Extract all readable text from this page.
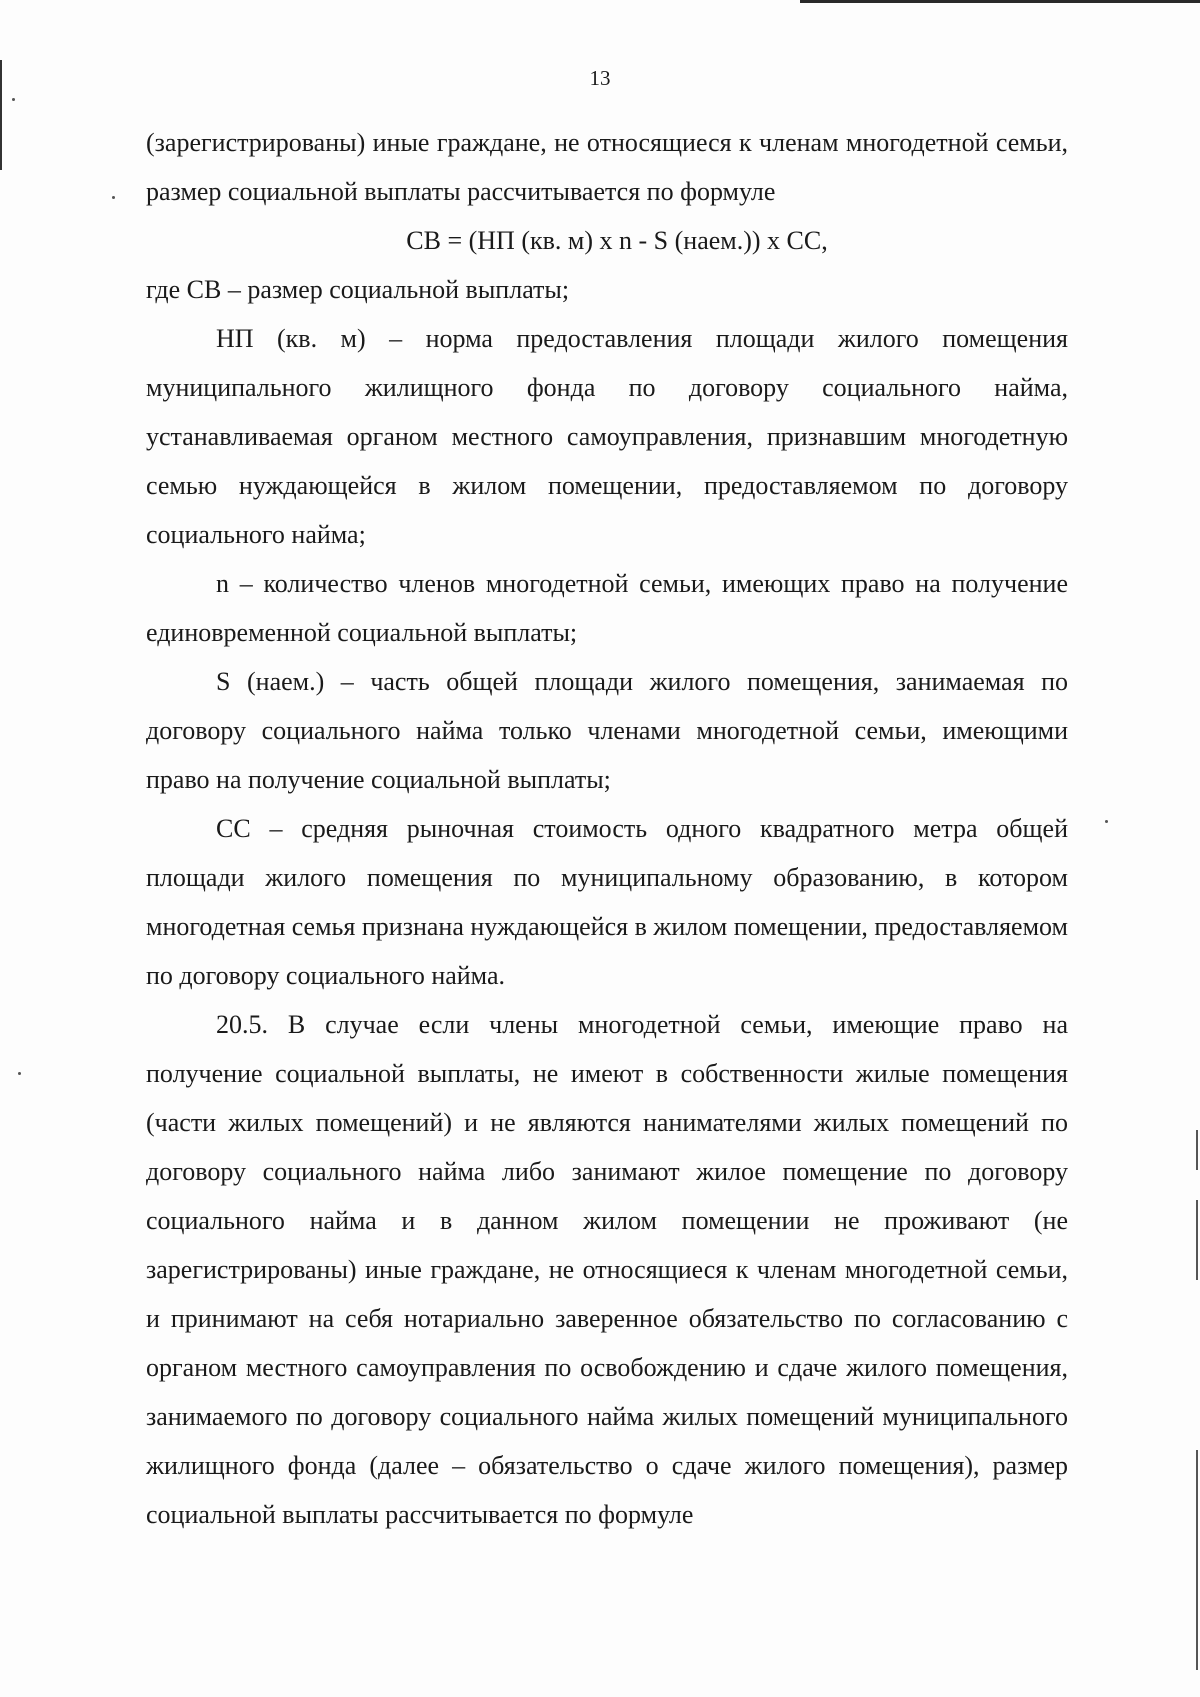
13

(зарегистрированы) иные граждане, не относящиеся к членам многодетной семьи, размер социальной выплаты рассчитывается по формуле

СВ = (НП (кв. м) x n - S (наем.)) x СС,

где СВ – размер социальной выплаты;

НП (кв. м) – норма предоставления площади жилого помещения муниципального жилищного фонда по договору социального найма, устанавливаемая органом местного самоуправления, признавшим многодетную семью нуждающейся в жилом помещении, предоставляемом по договору социального найма;

n – количество членов многодетной семьи, имеющих право на получение единовременной социальной выплаты;

S (наем.) – часть общей площади жилого помещения, занимаемая по договору социального найма только членами многодетной семьи, имеющими право на получение социальной выплаты;

СС – средняя рыночная стоимость одного квадратного метра общей площади жилого помещения по муниципальному образованию, в котором многодетная семья признана нуждающейся в жилом помещении, предоставляемом по договору социального найма.

20.5. В случае если члены многодетной семьи, имеющие право на получение социальной выплаты, не имеют в собственности жилые помещения (части жилых помещений) и не являются нанимателями жилых помещений по договору социального найма либо занимают жилое помещение по договору социального найма и в данном жилом помещении не проживают (не зарегистрированы) иные граждане, не относящиеся к членам многодетной семьи, и принимают на себя нотариально заверенное обязательство по согласованию с органом местного самоуправления по освобождению и сдаче жилого помещения, занимаемого по договору социального найма жилых помещений муниципального жилищного фонда (далее – обязательство о сдаче жилого помещения), размер социальной выплаты рассчитывается по формуле
